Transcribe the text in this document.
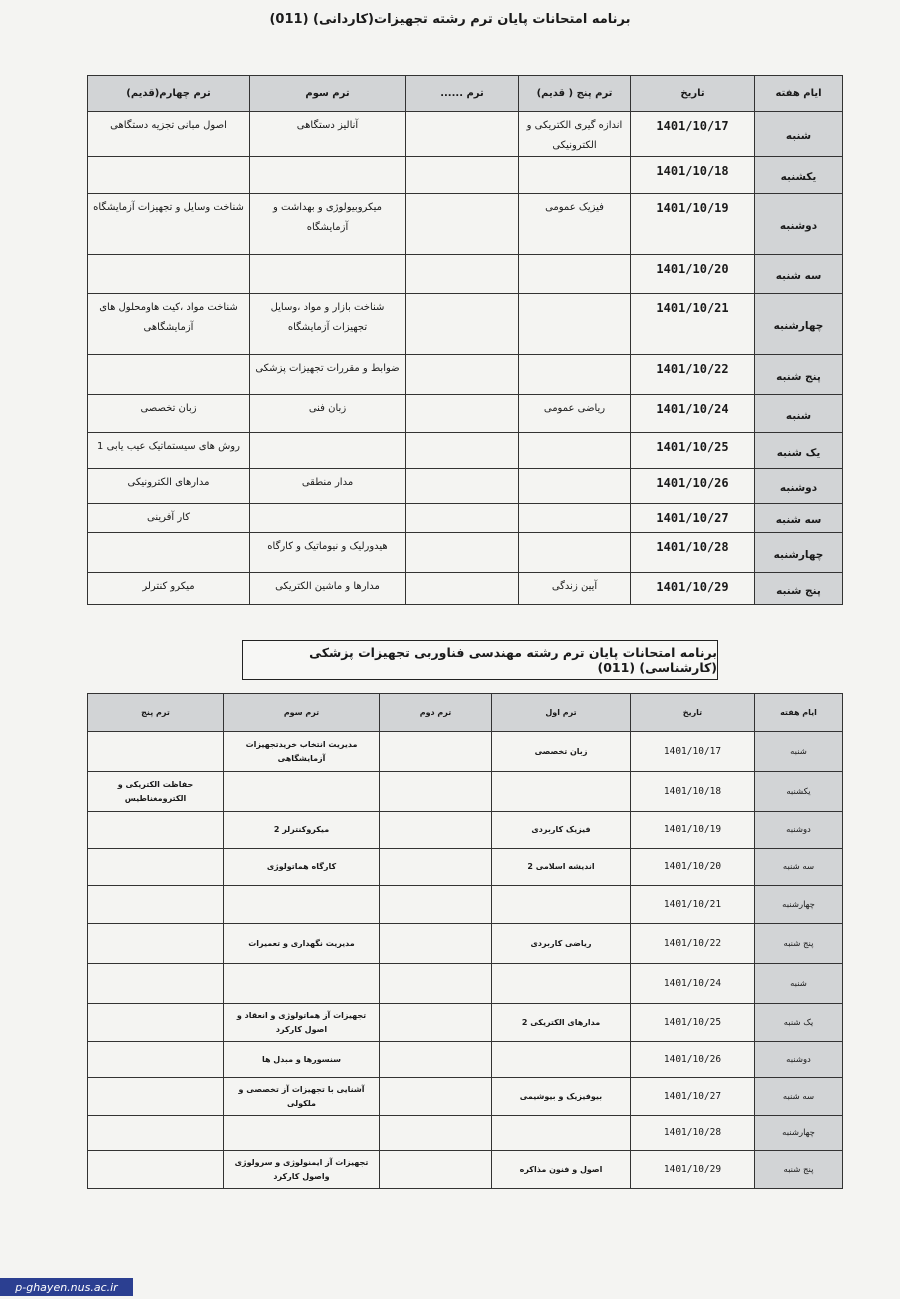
برنامه امتحانات پایان ترم رشته تجهیزات(کاردانی) (011)
ایام هفته	تاریخ	ترم پنج ( قدیم)	ترم ......	ترم سوم	ترم چهارم(قدیم)
شنبه	1401/10/17	اندازه گیری الکتریکی و الکترونیکی		آنالیز دستگاهی	اصول مبانی تجزیه دستگاهی
یکشنبه	1401/10/18				
دوشنبه	1401/10/19	فیزیک عمومی		میکروبیولوژی و بهداشت و آزمایشگاه	شناخت وسایل و تجهیزات آزمایشگاه
سه شنبه	1401/10/20				
چهارشنبه	1401/10/21			شناخت بازار و مواد ،وسایل تجهیزات آزمایشگاه	شناخت مواد ،کیت هاومحلول های آزمایشگاهی
پنج شنبه	1401/10/22			ضوابط و مقررات تجهیزات پزشکی	
شنبه	1401/10/24	ریاضی عمومی		زبان فنی	زبان تخصصی
یک شنبه	1401/10/25				روش های سیستماتیک عیب یابی 1
دوشنبه	1401/10/26			مدار منطقی	مدارهای الکترونیکی
سه شنبه	1401/10/27				کار آفرینی
چهارشنبه	1401/10/28			هیدورلیک و نیوماتیک و کارگاه	
پنج شنبه	1401/10/29	آیین زندگی		مدارها و ماشین الکتریکی	میکرو کنترلر
برنامه امتحانات پایان ترم رشته مهندسی فناوربی تجهیزات پزشکی (کارشناسی) (011)
ایام هفته	تاریخ	ترم اول	ترم دوم	ترم سوم	ترم پنج
شنبه	1401/10/17	زبان تخصصی		مدیریت انتخاب خریدتجهیزات آزمایشگاهی	
یکشنبه	1401/10/18				حفاظت الکتریکی و الکترومغناطیس
دوشنبه	1401/10/19	فیزیک کاربردی		میکروکنترلر 2	
سه شنبه	1401/10/20	اندیشه اسلامی 2		کارگاه هماتولوژی	
چهارشنبه	1401/10/21				
پنج شنبه	1401/10/22	ریاضی کاربردی		مدیریت نگهداری و تعمیرات	
شنبه	1401/10/24				
یک شنبه	1401/10/25	مدارهای الکتریکی 2		تجهیزات آز هماتولوژی و انعقاد و اصول کارکرد	
دوشنبه	1401/10/26			سنسورها و مبدل ها	
سه شنبه	1401/10/27	بیوفیزیک و بیوشیمی		آشنایی با تجهیزات آز تخصصی و ملکولی	
چهارشنبه	1401/10/28				
پنج شنبه	1401/10/29	اصول و فنون مذاکره		تجهیزات آز ایمنولوژی و سرولوژی واصول کارکرد	
p-ghayen.nus.ac.ir
